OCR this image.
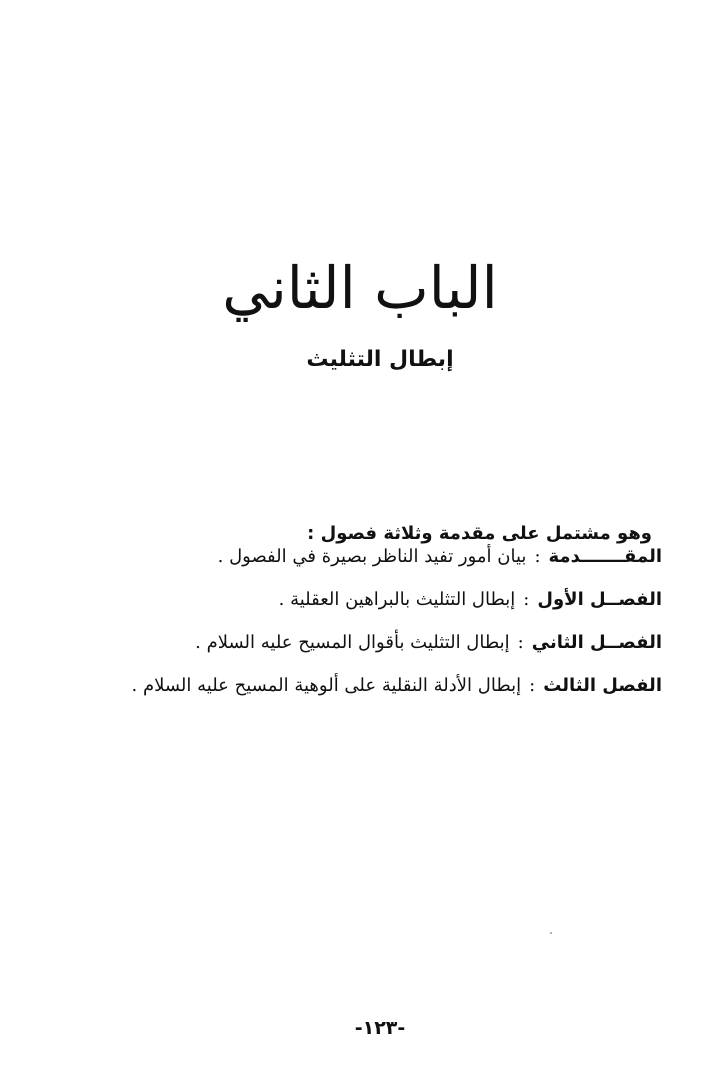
الباب الثاني
إبطال التثليث

وهو مشتمل على مقدمة وثلاثة فصول :

المقـــــــدمة
:
بيان أمور تفيد الناظر بصيرة في الفصول .
الفصــل الأول
:
إبطال التثليث بالبراهين العقلية .
الفصــل الثاني
:
إبطال التثليث بأقوال المسيح عليه السلام .
الفصل الثالث
:
إبطال الأدلة النقلية على ألوهية المسيح عليه السلام .
-١٢٣-
